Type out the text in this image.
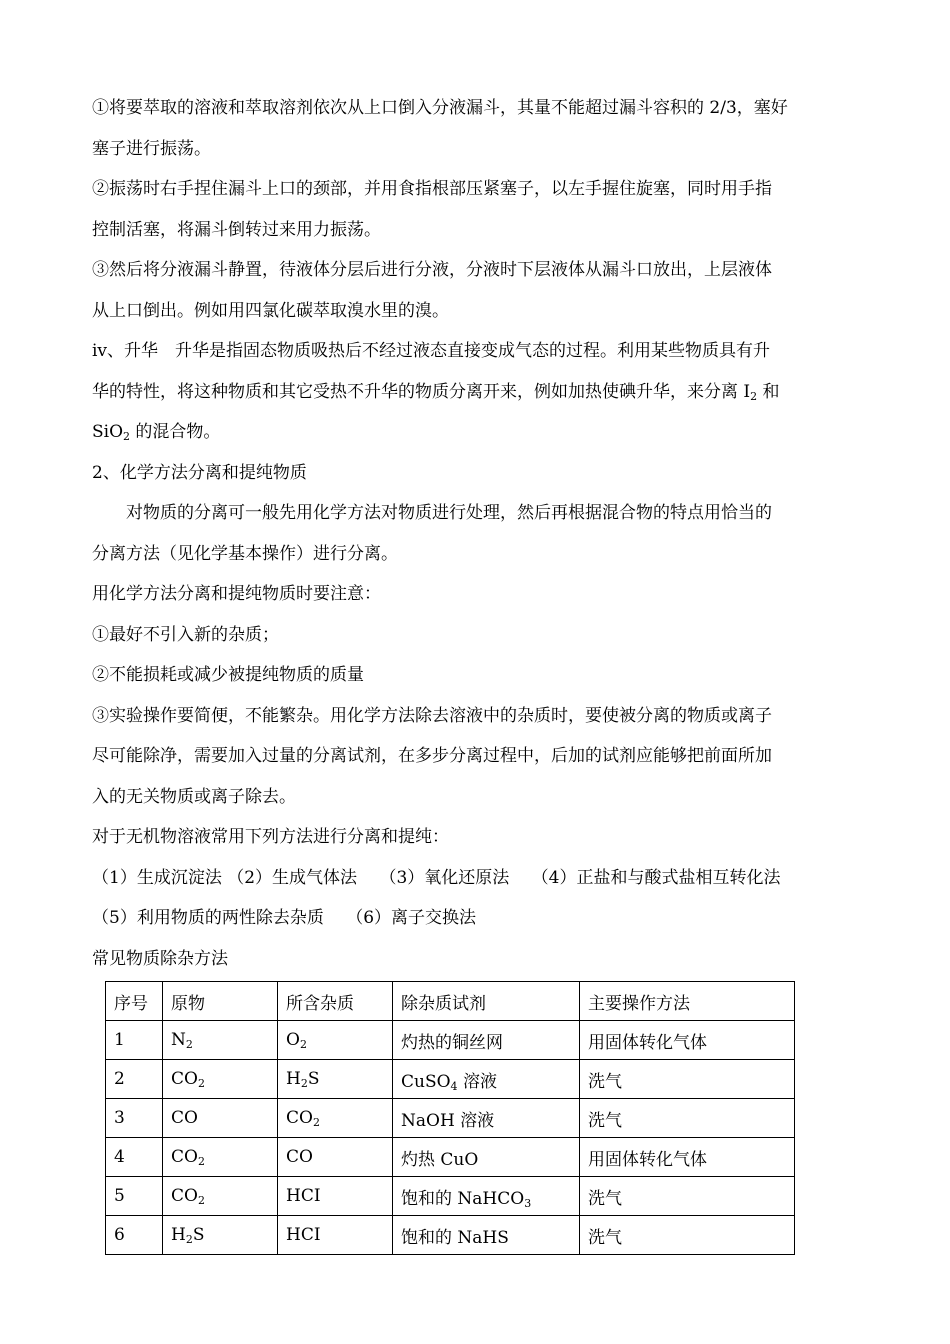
①将要萃取的溶液和萃取溶剂依次从上口倒入分液漏斗，其量不能超过漏斗容积的 2/3，塞好
塞子进行振荡。
②振荡时右手捏住漏斗上口的颈部，并用食指根部压紧塞子，以左手握住旋塞，同时用手指
控制活塞，将漏斗倒转过来用力振荡。
③然后将分液漏斗静置，待液体分层后进行分液，分液时下层液体从漏斗口放出，上层液体
从上口倒出。例如用四氯化碳萃取溴水里的溴。
iv、升华　升华是指固态物质吸热后不经过液态直接变成气态的过程。利用某些物质具有升
华的特性，将这种物质和其它受热不升华的物质分离开来，例如加热使碘升华，来分离 $I_2$ 和
SiO$_2$ 的混合物。
2、化学方法分离和提纯物质
对物质的分离可一般先用化学方法对物质进行处理，然后再根据混合物的特点用恰当的
分离方法（见化学基本操作）进行分离。
用化学方法分离和提纯物质时要注意：
①最好不引入新的杂质；
②不能损耗或减少被提纯物质的质量
③实验操作要简便，不能繁杂。用化学方法除去溶液中的杂质时，要使被分离的物质或离子
尽可能除净，需要加入过量的分离试剂，在多步分离过程中，后加的试剂应能够把前面所加
入的无关物质或离子除去。
对于无机物溶液常用下列方法进行分离和提纯：
（1）生成沉淀法 （2）生成气体法　 （3）氧化还原法　 （4）正盐和与酸式盐相互转化法
（5）利用物质的两性除去杂质　 （6）离子交换法
常见物质除杂方法
序号	原物	所含杂质	除杂质试剂	主要操作方法
1	$N_2$	$O_2$	灼热的铜丝网	用固体转化气体
2	$CO_2$	$H_2S$	CuSO$_4$ 溶液	洗气
3	CO	$CO_2$	NaOH 溶液	洗气
4	$CO_2$	CO	灼热 CuO	用固体转化气体
5	$CO_2$	HCI	饱和的 NaHCO$_3$	洗气
6	$H_2S$	HCI	饱和的 NaHS	洗气
